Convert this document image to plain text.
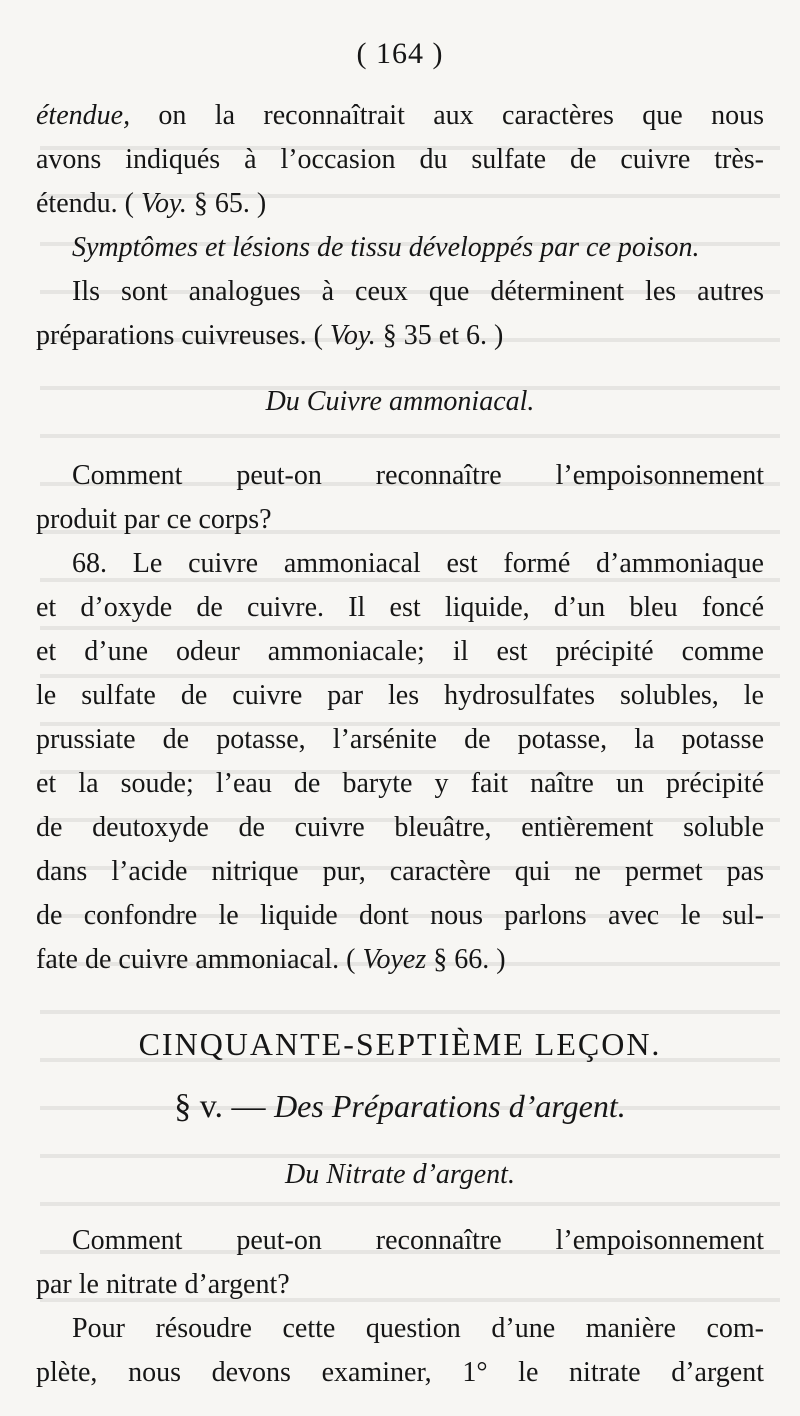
( 164 )
étendue, on la reconnaîtrait aux caractères que nous
avons indiqués à l’occasion du sulfate de cuivre très-
étendu. ( Voy. § 65. )
Symptômes et lésions de tissu développés par ce poison.
Ils sont analogues à ceux que déterminent les autres
préparations cuivreuses. ( Voy. § 35 et 6. )
Du Cuivre ammoniacal.
Comment peut-on reconnaître l’empoisonnement
produit par ce corps?
68. Le cuivre ammoniacal est formé d’ammoniaque
et d’oxyde de cuivre. Il est liquide, d’un bleu foncé
et d’une odeur ammoniacale; il est précipité comme
le sulfate de cuivre par les hydrosulfates solubles, le
prussiate de potasse, l’arsénite de potasse, la potasse
et la soude; l’eau de baryte y fait naître un précipité
de deutoxyde de cuivre bleuâtre, entièrement soluble
dans l’acide nitrique pur, caractère qui ne permet pas
de confondre le liquide dont nous parlons avec le sul-
fate de cuivre ammoniacal. ( Voyez § 66. )
CINQUANTE-SEPTIÈME LEÇON.
§ v. — Des Préparations d’argent.
Du Nitrate d’argent.
Comment peut-on reconnaître l’empoisonnement
par le nitrate d’argent?
Pour résoudre cette question d’une manière com-
plète, nous devons examiner, 1° le nitrate d’argent
